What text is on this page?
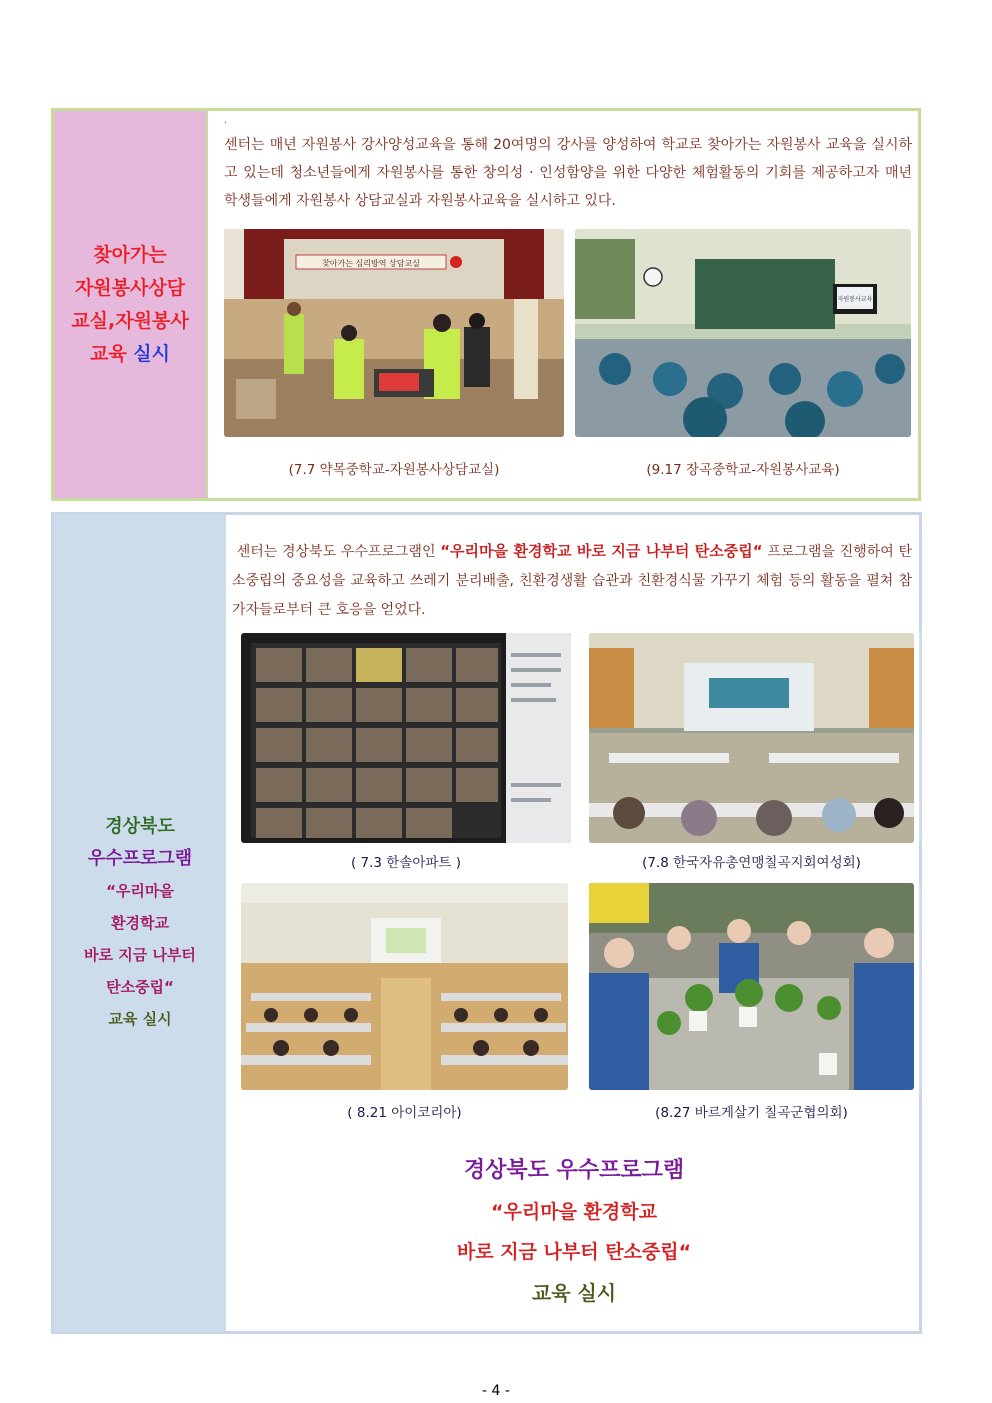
찾아가는
자원봉사상담
교실,자원봉사
교육 실시
.
센터는 매년 자원봉사 강사양성교육을 통해 20여명의 강사를 양성하여 학교로 찾아가는 자원봉사 교육을 실시하고 있는데 청소년들에게 자원봉사를 통한 창의성 · 인성함양을 위한 다양한 체험활동의 기회를 제공하고자 매년 학생들에게 자원봉사 상담교실과 자원봉사교육을 실시하고 있다.
찾아가는 심리방역 상담교실
자원봉사교육
(7.7 약목중학교-자원봉사상담교실)	(9.17 장곡중학교-자원봉사교육)
경상북도
우수프로그램
“우리마을
환경학교
바로 지금 나부터
탄소중립“
교육 실시
센터는 경상북도 우수프로그램인 “우리마을 환경학교 바로 지금 나부터 탄소중립“ 프로그램을 진행하여 탄소중립의 중요성을 교육하고 쓰레기 분리배출, 친환경생활 습관과 친환경식물 가꾸기 체험 등의 활동을 펼쳐 참가자들로부터 큰 호응을 얻었다.
( 7.3 한솔아파트 )	(7.8 한국자유총연맹칠곡지회여성회)
( 8.21 아이코리아)	(8.27 바르게살기 칠곡군협의회)
경상북도 우수프로그램
“우리마을 환경학교
바로 지금 나부터 탄소중립“
교육 실시
- 4 -
